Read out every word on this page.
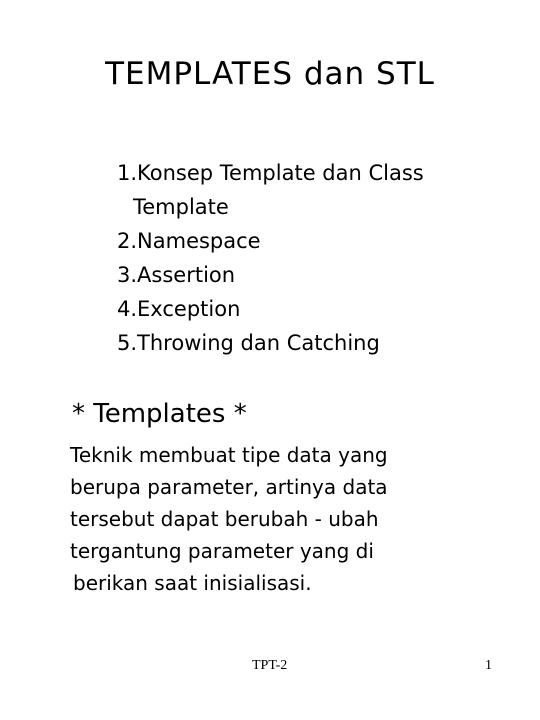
TEMPLATES dan STL
1.Konsep Template dan Class
Template
2.Namespace
3.Assertion
4.Exception
5.Throwing dan Catching
* Templates *
Teknik membuat tipe data yang
berupa parameter, artinya data
tersebut dapat berubah - ubah
tergantung parameter yang di
berikan saat inisialisasi.
TPT-2	1
